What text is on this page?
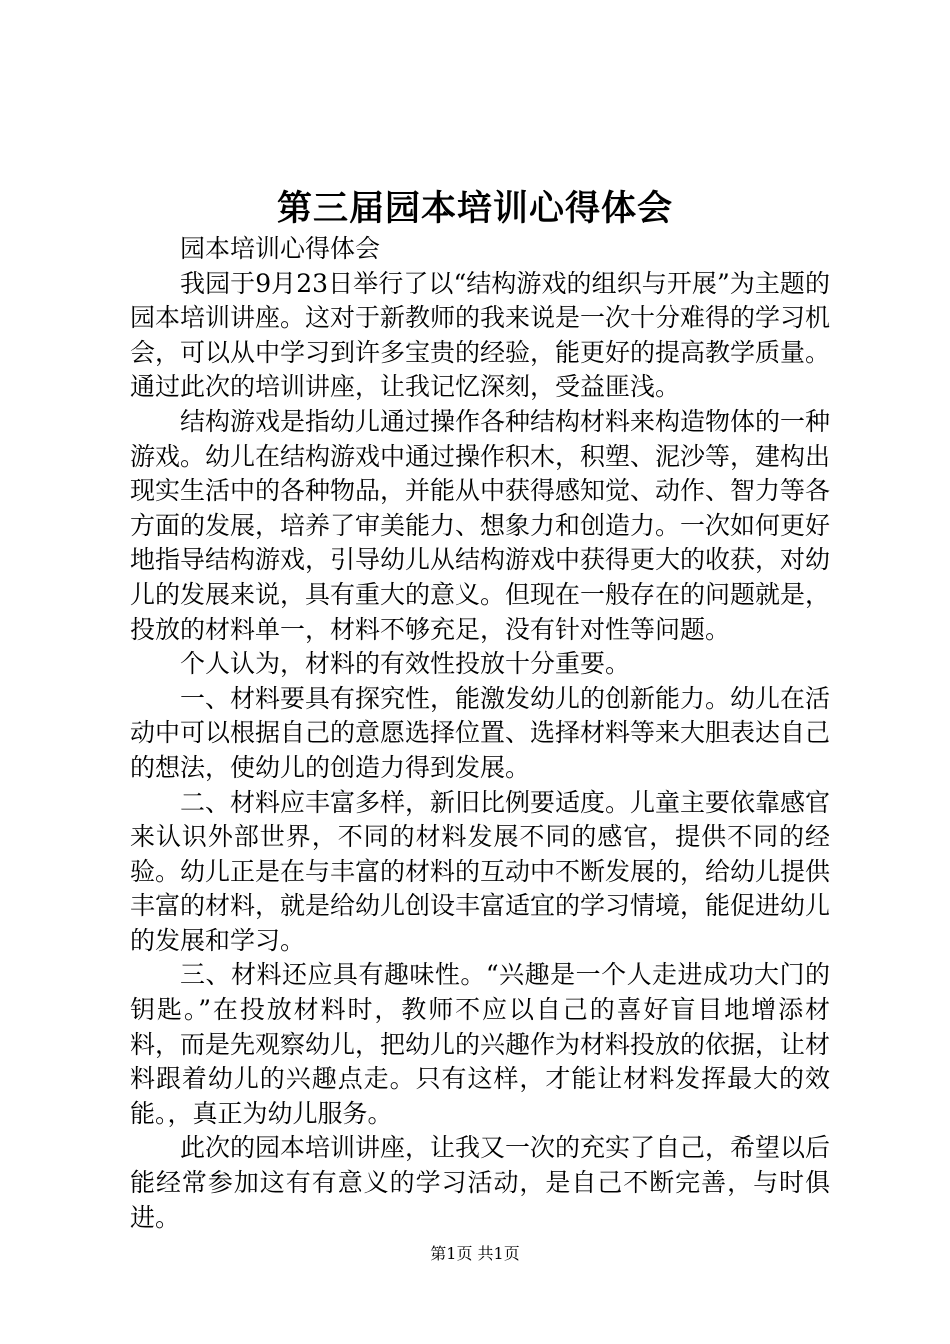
第三届园本培训心得体会

园本培训心得体会

我园于9月23日举行了以“结构游戏的组织与开展”为主题的园本培训讲座。这对于新教师的我来说是一次十分难得的学习机会，可以从中学习到许多宝贵的经验，能更好的提高教学质量。通过此次的培训讲座，让我记忆深刻，受益匪浅。

结构游戏是指幼儿通过操作各种结构材料来构造物体的一种游戏。幼儿在结构游戏中通过操作积木，积塑、泥沙等，建构出现实生活中的各种物品，并能从中获得感知觉、动作、智力等各方面的发展，培养了审美能力、想象力和创造力。一次如何更好地指导结构游戏，引导幼儿从结构游戏中获得更大的收获，对幼儿的发展来说，具有重大的意义。但现在一般存在的问题就是，投放的材料单一，材料不够充足，没有针对性等问题。

个人认为，材料的有效性投放十分重要。

一、材料要具有探究性，能激发幼儿的创新能力。幼儿在活动中可以根据自己的意愿选择位置、选择材料等来大胆表达自己的想法，使幼儿的创造力得到发展。

二、材料应丰富多样，新旧比例要适度。儿童主要依靠感官来认识外部世界，不同的材料发展不同的感官，提供不同的经验。幼儿正是在与丰富的材料的互动中不断发展的，给幼儿提供丰富的材料，就是给幼儿创设丰富适宜的学习情境，能促进幼儿的发展和学习。

三、材料还应具有趣味性。“兴趣是一个人走进成功大门的钥匙。”在投放材料时，教师不应以自己的喜好盲目地增添材料，而是先观察幼儿，把幼儿的兴趣作为材料投放的依据，让材料跟着幼儿的兴趣点走。只有这样，才能让材料发挥最大的效能。，真正为幼儿服务。

此次的园本培训讲座，让我又一次的充实了自己，希望以后能经常参加这有有意义的学习活动，是自己不断完善，与时俱进。

第1页 共1页
